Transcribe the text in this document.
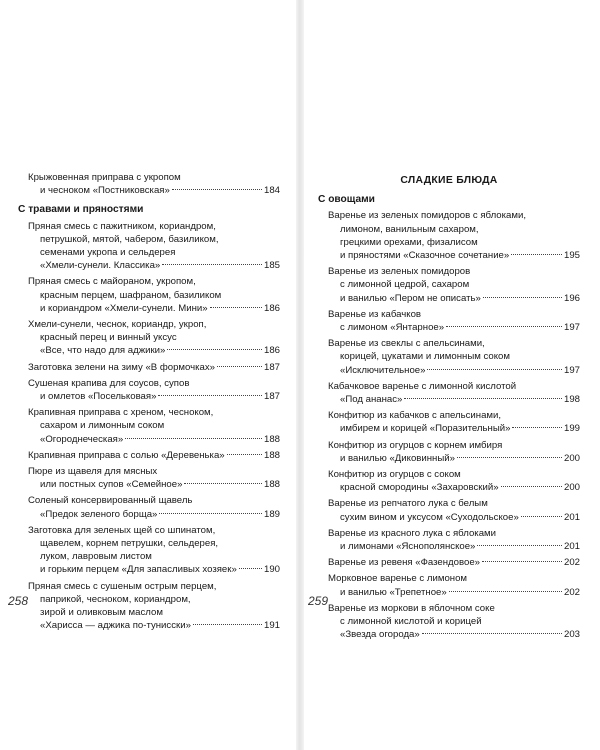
Крыжовенная приправа с укропом
и чесноком «Постниковская»	184
С травами и пряностями
Пряная смесь с пажитником, кориандром,
петрушкой, мятой, чабером, базиликом,
семенами укропа и сельдерея
«Хмели-сунели. Классика»	185
Пряная смесь с майораном, укропом,
красным перцем, шафраном, базиликом
и кориандром «Хмели-сунели. Мини»	186
Хмели-сунели, чеснок, кориандр, укроп,
красный перец и винный уксус
«Все, что надо для аджики»	186
Заготовка зелени на зиму «В формочках»	187
Сушеная крапива для соусов, супов
и омлетов «Посельковая»	187
Крапивная приправа с хреном, чесноком,
сахаром и лимонным соком
«Огороднеческая»	188
Крапивная приправа с солью «Деревенька»	188
Пюре из щавеля для мясных
или постных супов «Семейное»	188
Соленый консервированный щавель
«Предок зеленого борща»	189
Заготовка для зеленых щей со шпинатом,
щавелем, корнем петрушки, сельдерея,
луком, лавровым листом
и горьким перцем «Для запасливых хозяек»	190
Пряная смесь с сушеным острым перцем,
паприкой, чесноком, кориандром,
зирой и оливковым маслом
«Харисса — аджика по-тунисски»	191
258
СЛАДКИЕ БЛЮДА
С овощами
Варенье из зеленых помидоров с яблоками,
лимоном, ванильным сахаром,
грецкими орехами, физалисом
и пряностями «Сказочное сочетание»	195
Варенье из зеленых помидоров
с лимонной цедрой, сахаром
и ванилью «Пером не описать»	196
Варенье из кабачков
с лимоном «Янтарное»	197
Варенье из свеклы с апельсинами,
корицей, цукатами и лимонным соком
«Исключительное»	197
Кабачковое варенье с лимонной кислотой
«Под ананас»	198
Конфитюр из кабачков с апельсинами,
имбирем и корицей «Поразительный»	199
Конфитюр из огурцов с корнем имбиря
и ванилью «Диковинный»	200
Конфитюр из огурцов с соком
красной смородины «Захаровский»	200
Варенье из репчатого лука с белым
сухим вином и уксусом «Суходольское»	201
Варенье из красного лука с яблоками
и лимонами «Яснополянское»	201
Варенье из ревеня «Фазендовое»	202
Морковное варенье с лимоном
и ванилью «Трепетное»	202
Варенье из моркови в яблочном соке
с лимонной кислотой и корицей
«Звезда огорода»	203
259
